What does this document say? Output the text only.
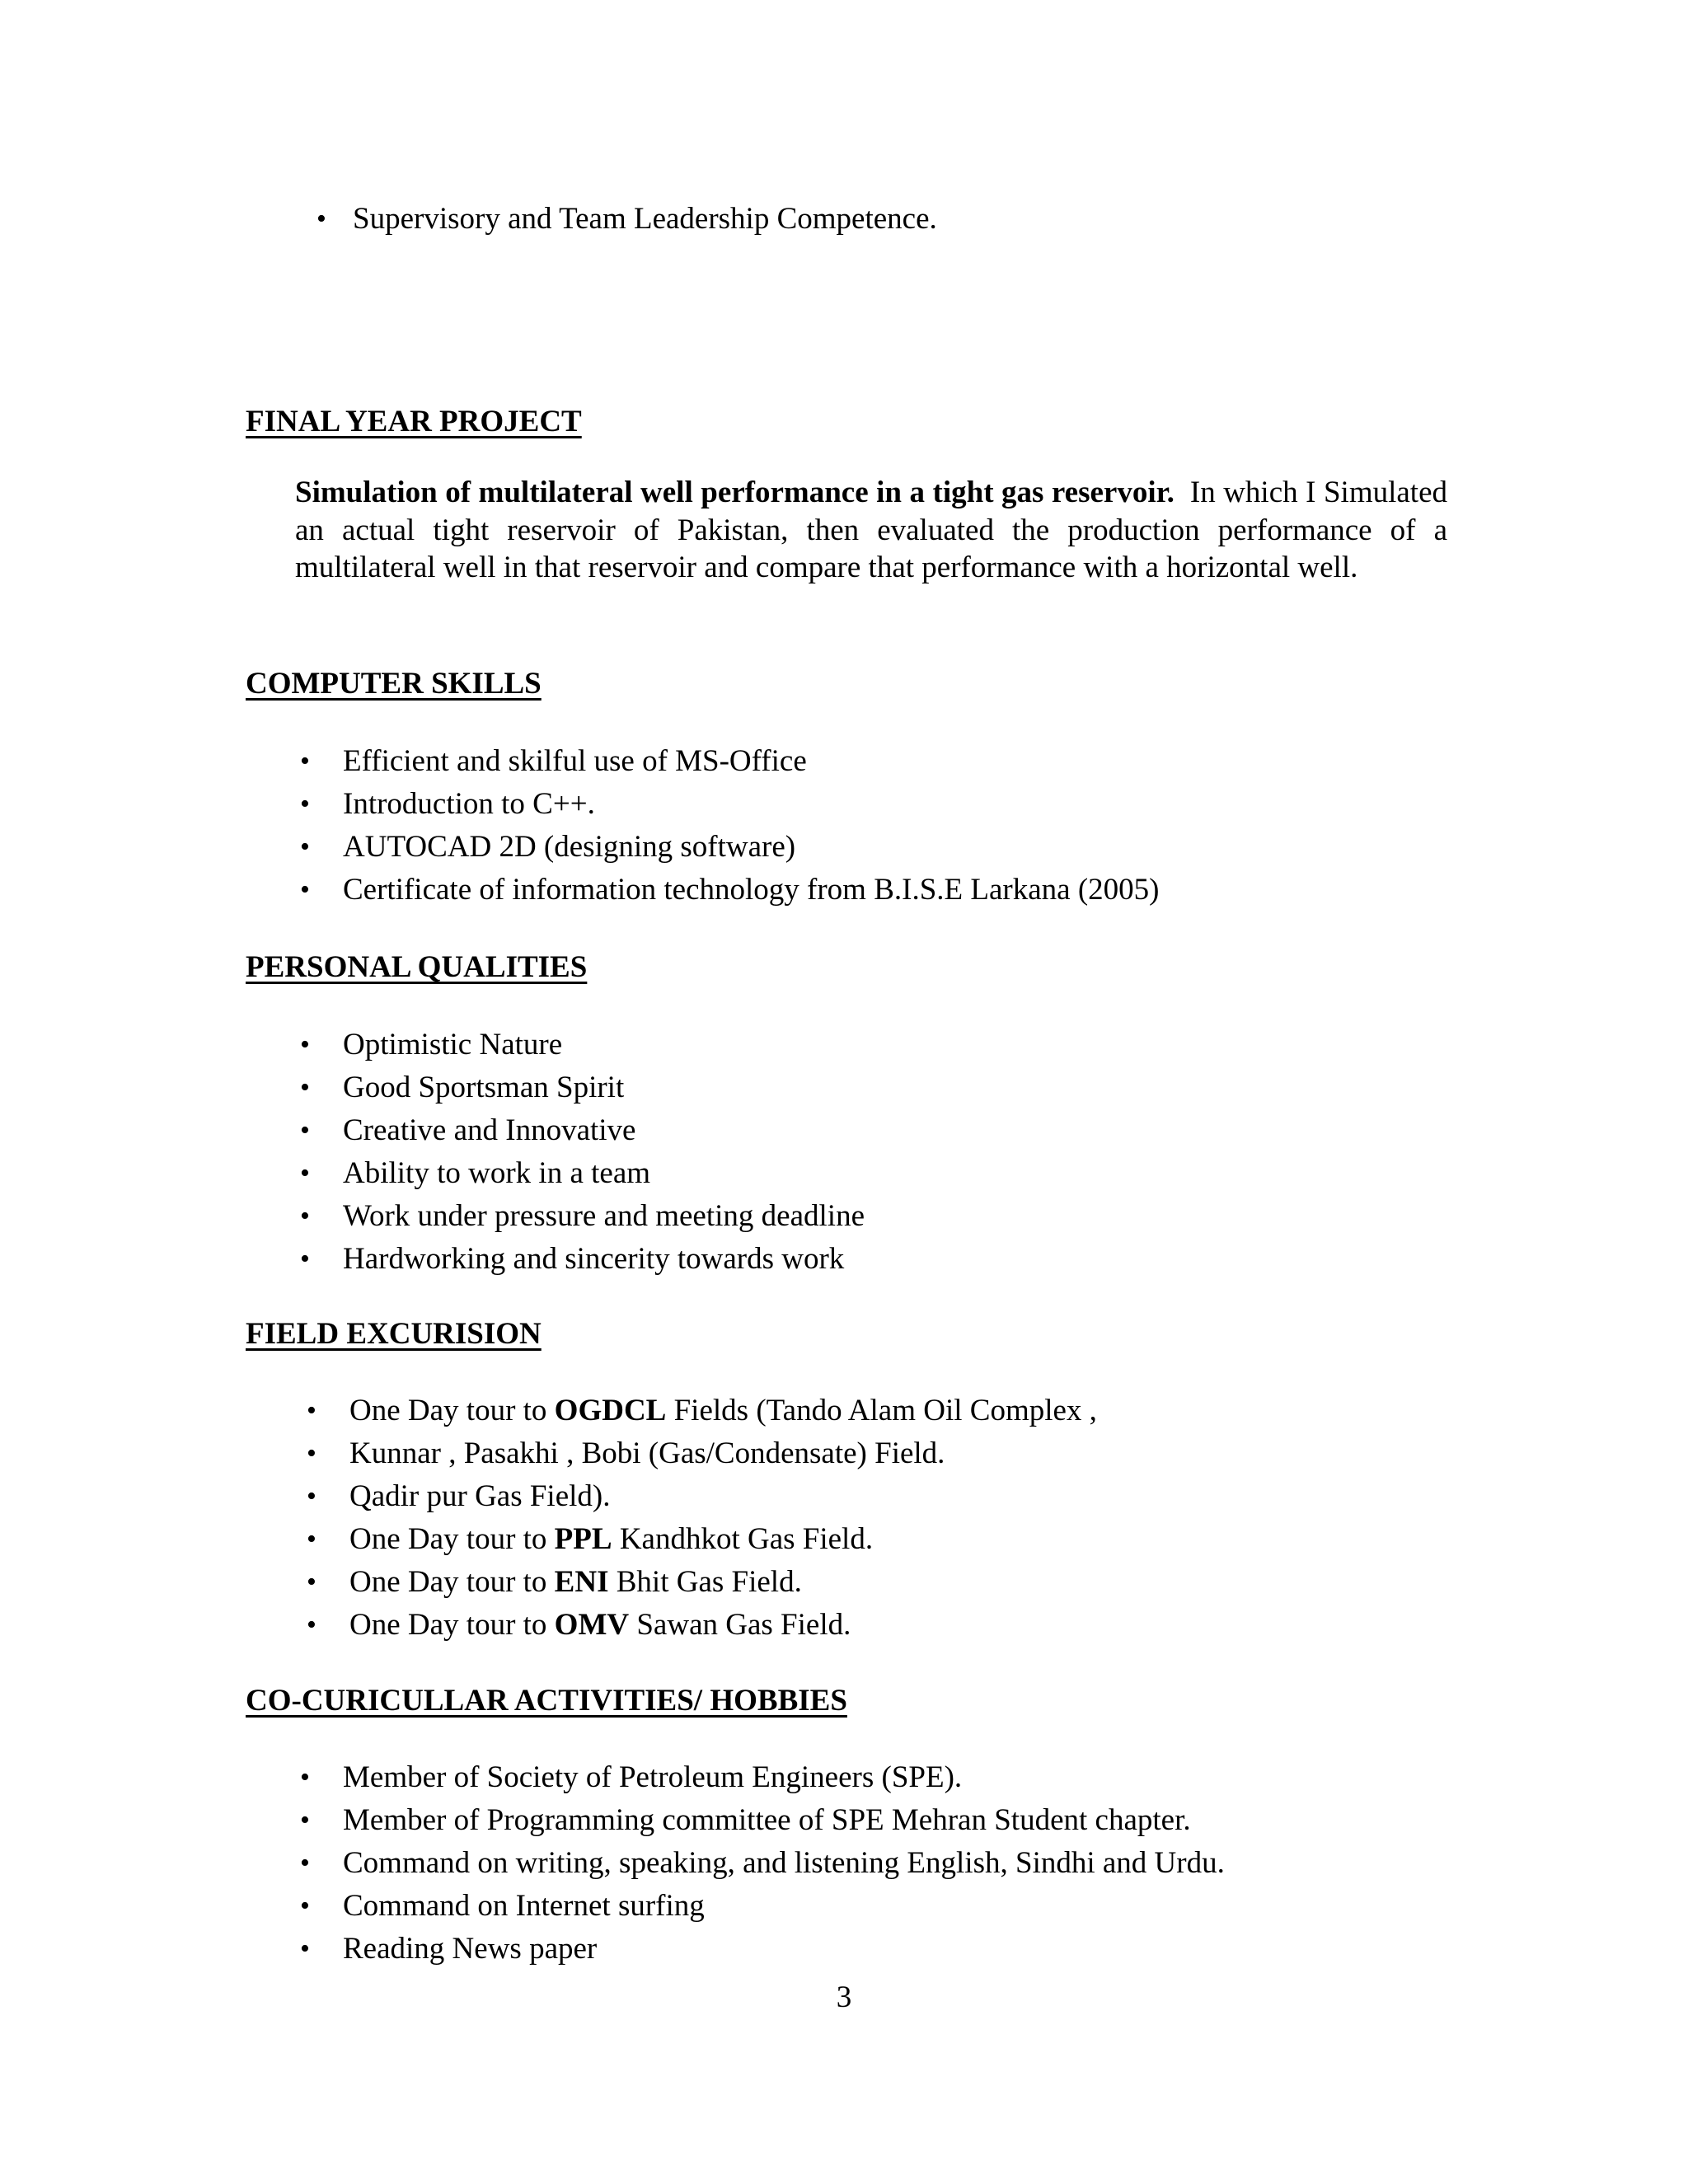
• Supervisory and Team Leadership Competence.
FINAL YEAR PROJECT
Simulation of multilateral well performance in a tight gas reservoir. In which I Simulated an actual tight reservoir of Pakistan, then evaluated the production performance of a multilateral well in that reservoir and compare that performance with a horizontal well.
COMPUTER SKILLS
• Efficient and skilful use of MS-Office
• Introduction to C++.
• AUTOCAD 2D (designing software)
• Certificate of information technology from B.I.S.E Larkana (2005)
PERSONAL QUALITIES
• Optimistic Nature
• Good Sportsman Spirit
• Creative and Innovative
• Ability to work in a team
• Work under pressure and meeting deadline
• Hardworking and sincerity towards work
FIELD EXCURISION
• One Day tour to OGDCL Fields (Tando Alam Oil Complex ,
• Kunnar , Pasakhi , Bobi (Gas/Condensate) Field.
• Qadir pur Gas Field).
• One Day tour to PPL Kandhkot Gas Field.
• One Day tour to ENI Bhit Gas Field.
• One Day tour to OMV Sawan Gas Field.
CO-CURICULLAR ACTIVITIES/ HOBBIES
• Member of Society of Petroleum Engineers (SPE).
• Member of Programming committee of SPE Mehran Student chapter.
• Command on writing, speaking, and listening English, Sindhi and Urdu.
• Command on Internet surfing
• Reading News paper
3
